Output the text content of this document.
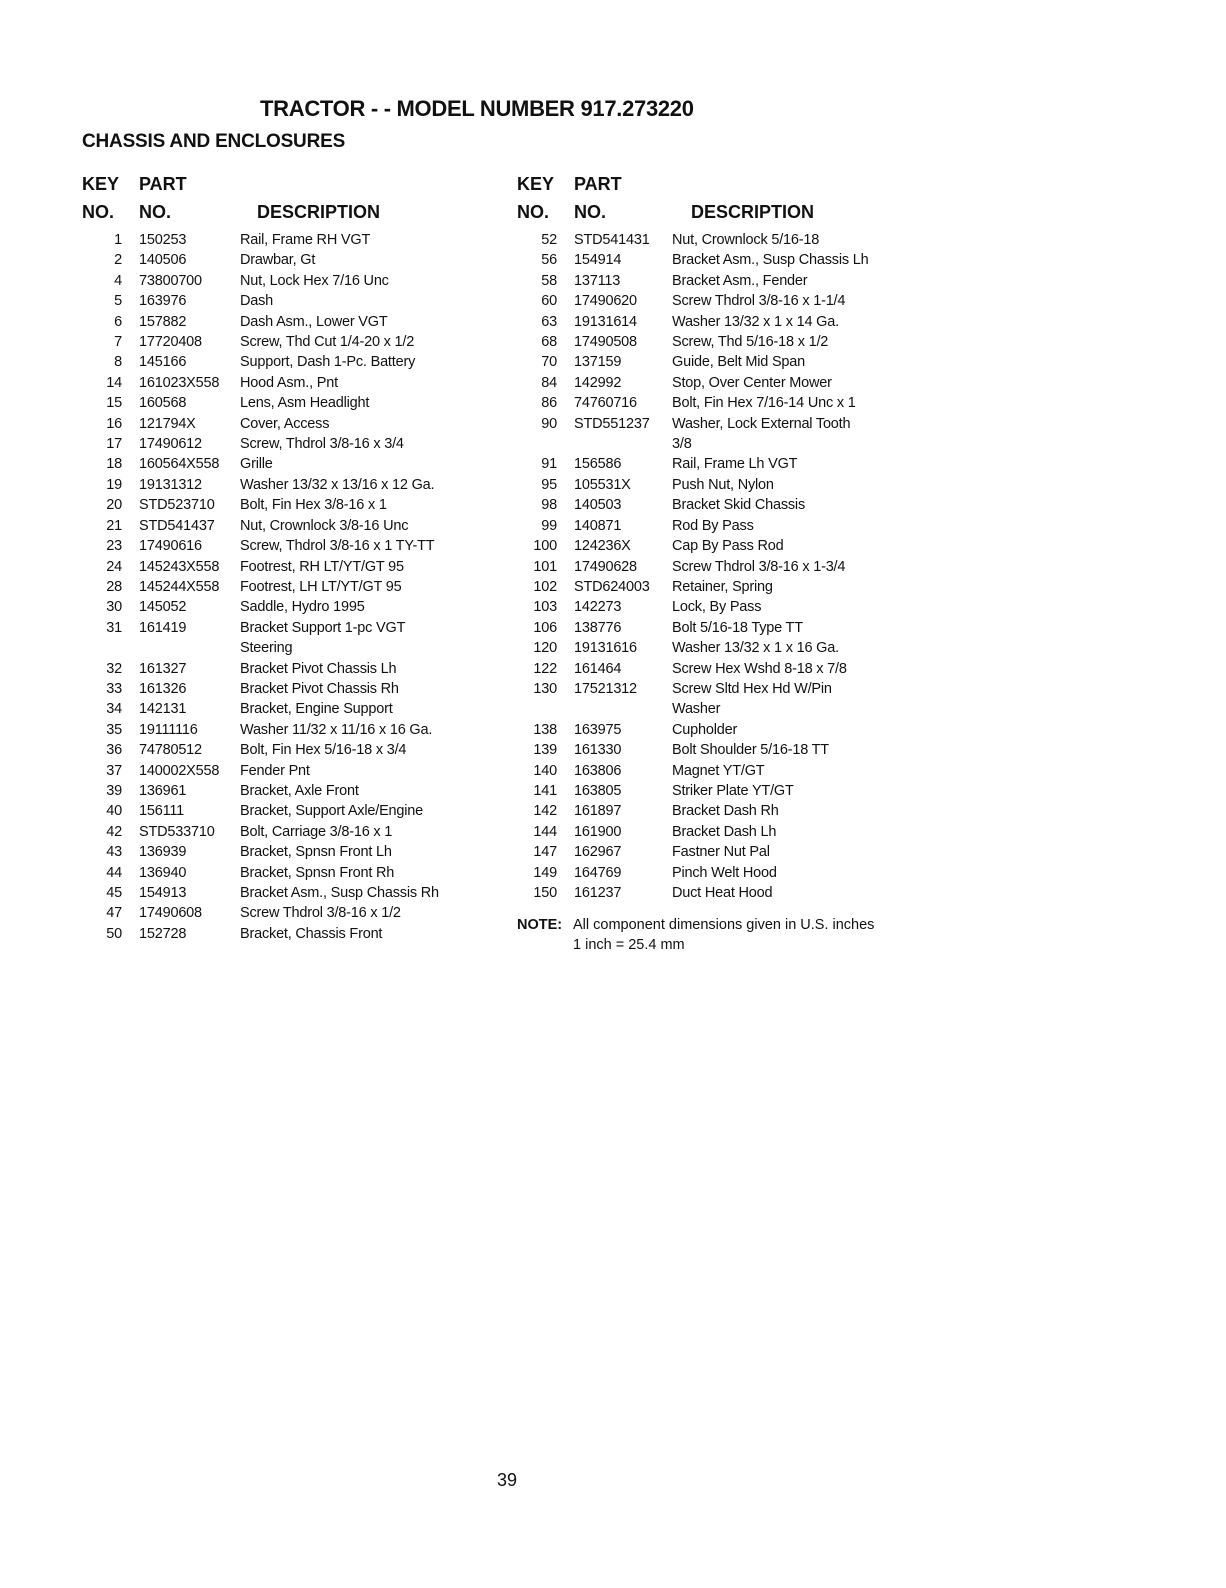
TRACTOR - - MODEL NUMBER 917.273220
CHASSIS AND ENCLOSURES
KEY
NO.
PART
NO.	DESCRIPTION
1	150253	Rail, Frame RH VGT
2	140506	Drawbar, Gt
4	73800700	Nut, Lock Hex 7/16 Unc
5	163976	Dash
6	157882	Dash Asm., Lower VGT
7	17720408	Screw, Thd Cut 1/4-20 x 1/2
8	145166	Support, Dash 1-Pc. Battery
14	161023X558	Hood Asm., Pnt
15	160568	Lens, Asm Headlight
16	121794X	Cover, Access
17	17490612	Screw, Thdrol 3/8-16 x 3/4
18	160564X558	Grille
19	19131312	Washer 13/32 x 13/16 x 12 Ga.
20	STD523710	Bolt, Fin Hex 3/8-16 x 1
21	STD541437	Nut, Crownlock 3/8-16 Unc
23	17490616	Screw, Thdrol 3/8-16 x 1 TY-TT
24	145243X558	Footrest, RH LT/YT/GT 95
28	145244X558	Footrest, LH LT/YT/GT 95
30	145052	Saddle, Hydro 1995
31	161419	Bracket Support 1-pc VGT
Steering
32	161327	Bracket Pivot Chassis Lh
33	161326	Bracket Pivot Chassis Rh
34	142131	Bracket, Engine Support
35	19111116	Washer 11/32 x 11/16 x 16 Ga.
36	74780512	Bolt, Fin Hex 5/16-18 x 3/4
37	140002X558	Fender Pnt
39	136961	Bracket, Axle Front
40	156111	Bracket, Support Axle/Engine
42	STD533710	Bolt, Carriage 3/8-16 x 1
43	136939	Bracket, Spnsn Front Lh
44	136940	Bracket, Spnsn Front Rh
45	154913	Bracket Asm., Susp Chassis Rh
47	17490608	Screw Thdrol 3/8-16 x 1/2
50	152728	Bracket, Chassis Front
KEY
NO.
PART
NO.	DESCRIPTION
52	STD541431	Nut, Crownlock 5/16-18
56	154914	Bracket Asm., Susp Chassis Lh
58	137113	Bracket Asm., Fender
60	17490620	Screw Thdrol 3/8-16 x 1-1/4
63	19131614	Washer 13/32 x 1 x 14 Ga.
68	17490508	Screw, Thd 5/16-18 x 1/2
70	137159	Guide, Belt Mid Span
84	142992	Stop, Over Center Mower
86	74760716	Bolt, Fin Hex 7/16-14 Unc x 1
90	STD551237	Washer, Lock External Tooth
3/8
91	156586	Rail, Frame Lh VGT
95	105531X	Push Nut, Nylon
98	140503	Bracket Skid Chassis
99	140871	Rod By Pass
100	124236X	Cap By Pass Rod
101	17490628	Screw Thdrol 3/8-16 x 1-3/4
102	STD624003	Retainer, Spring
103	142273	Lock, By Pass
106	138776	Bolt 5/16-18 Type TT
120	19131616	Washer 13/32 x 1 x 16 Ga.
122	161464	Screw Hex Wshd 8-18 x 7/8
130	17521312	Screw Sltd Hex Hd W/Pin
Washer
138	163975	Cupholder
139	161330	Bolt Shoulder 5/16-18 TT
140	163806	Magnet YT/GT
141	163805	Striker Plate YT/GT
142	161897	Bracket Dash Rh
144	161900	Bracket Dash Lh
147	162967	Fastner Nut Pal
149	164769	Pinch Welt Hood
150	161237	Duct Heat Hood
NOTE: All component dimensions given in U.S. inches
1 inch = 25.4 mm
39
